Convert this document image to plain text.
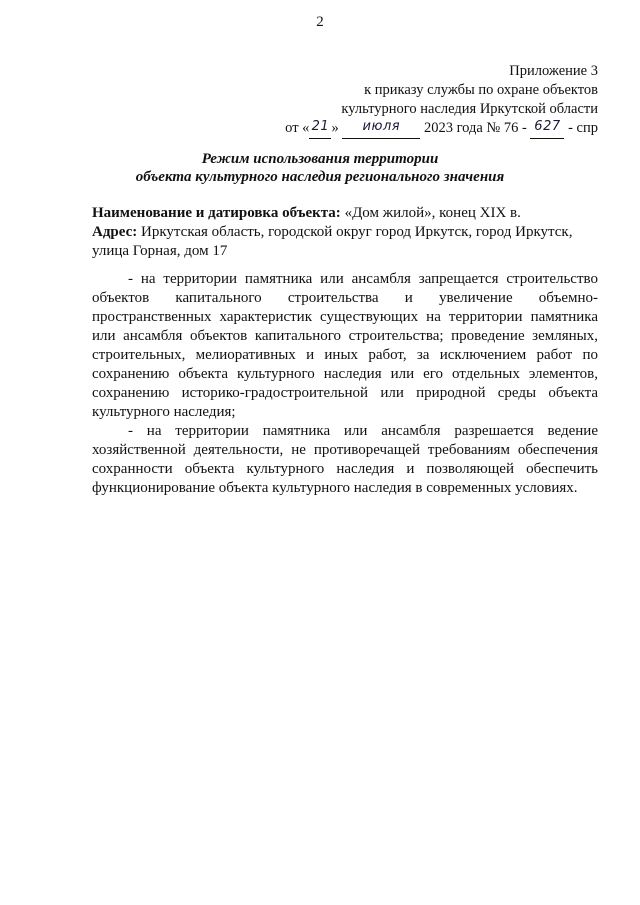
2
Приложение 3
к приказу службы по охране объектов
культурного наследия Иркутской области
от « 21 » июля 2023 года № 76 - 627 - спр
Режим использования территории
объекта культурного наследия регионального значения
Наименование и датировка объекта: «Дом жилой», конец XIX в.
Адрес: Иркутская область, городской округ город Иркутск, город Иркутск, улица Горная, дом 17

- на территории памятника или ансамбля запрещается строительство объектов капитального строительства и увеличение объемно-пространственных характеристик существующих на территории памятника или ансамбля объектов капитального строительства; проведение земляных, строительных, мелиоративных и иных работ, за исключением работ по сохранению объекта культурного наследия или его отдельных элементов, сохранению историко-градостроительной или природной среды объекта культурного наследия;

- на территории памятника или ансамбля разрешается ведение хозяйственной деятельности, не противоречащей требованиям обеспечения сохранности объекта культурного наследия и позволяющей обеспечить функционирование объекта культурного наследия в современных условиях.
